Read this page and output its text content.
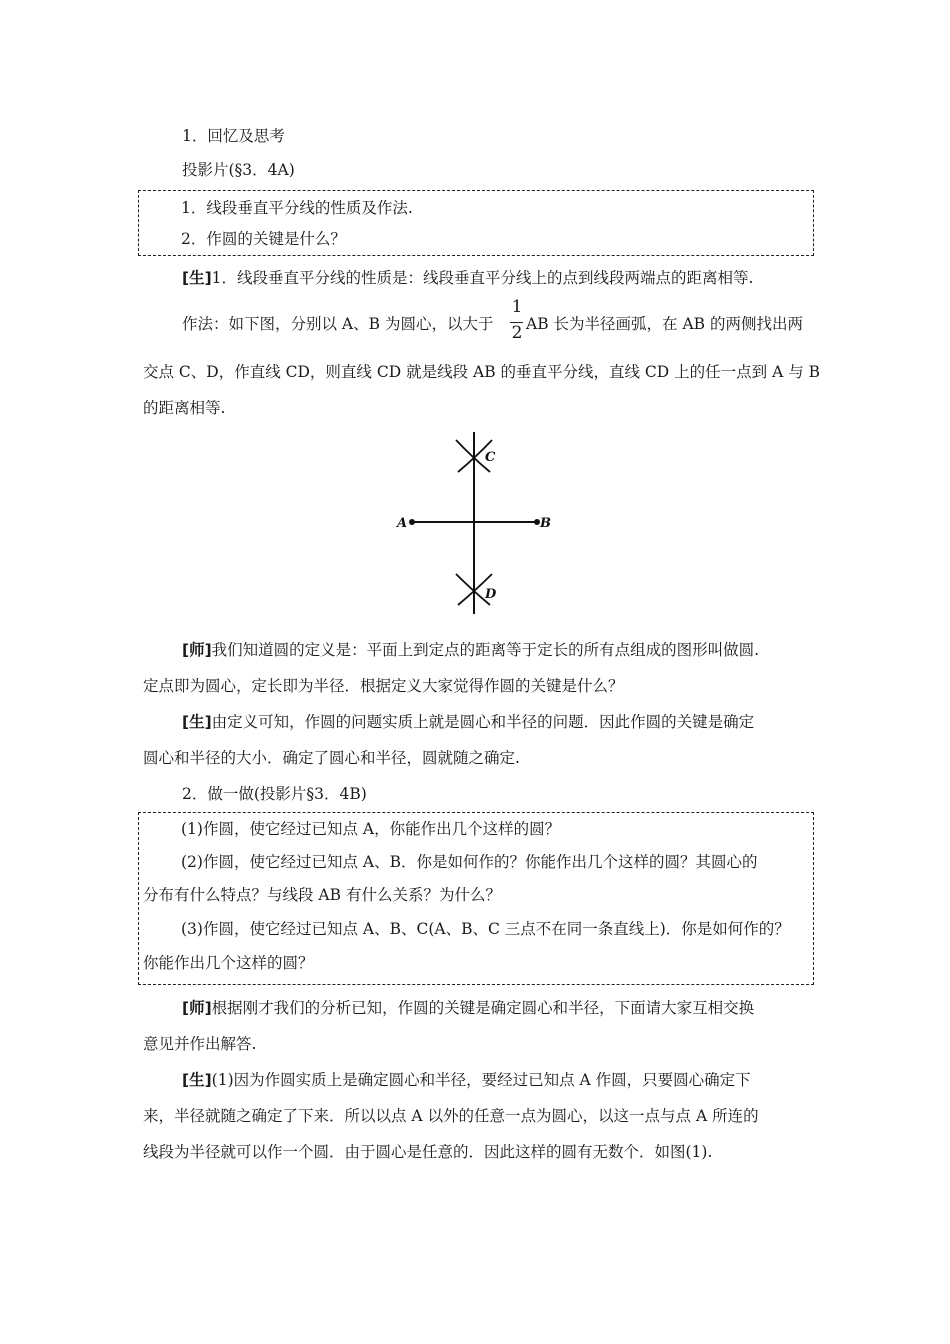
1．回忆及思考
投影片(§3．4A)
1．线段垂直平分线的性质及作法.
2．作圆的关键是什么？
[生]1．线段垂直平分线的性质是：线段垂直平分线上的点到线段两端点的距离相等.
作法：如下图，分别以 A、B 为圆心，以大于
1
2 AB 长为半径画弧，在 AB 的两侧找出两
交点 C、D，作直线 CD，则直线 CD 就是线段 AB 的垂直平分线，直线 CD 上的任一点到 A 与 B
的距离相等.
A	B
C
D
[师]我们知道圆的定义是：平面上到定点的距离等于定长的所有点组成的图形叫做圆.
定点即为圆心，定长即为半径．根据定义大家觉得作圆的关键是什么？
[生]由定义可知，作圆的问题实质上就是圆心和半径的问题．因此作圆的关键是确定
圆心和半径的大小．确定了圆心和半径，圆就随之确定.
2．做一做(投影片§3．4B)
(1)作圆，使它经过已知点 A，你能作出几个这样的圆？
(2)作圆，使它经过已知点 A、B．你是如何作的？你能作出几个这样的圆？其圆心的
分布有什么特点？与线段 AB 有什么关系？为什么？
(3)作圆，使它经过已知点 A、B、C(A、B、C 三点不在同一条直线上)．你是如何作的？
你能作出几个这样的圆？
[师]根据刚才我们的分析已知，作圆的关键是确定圆心和半径，下面请大家互相交换
意见并作出解答.
[生](1)因为作圆实质上是确定圆心和半径，要经过已知点 A 作圆，只要圆心确定下
来，半径就随之确定了下来．所以以点 A 以外的任意一点为圆心，以这一点与点 A 所连的
线段为半径就可以作一个圆．由于圆心是任意的．因此这样的圆有无数个．如图(1).
